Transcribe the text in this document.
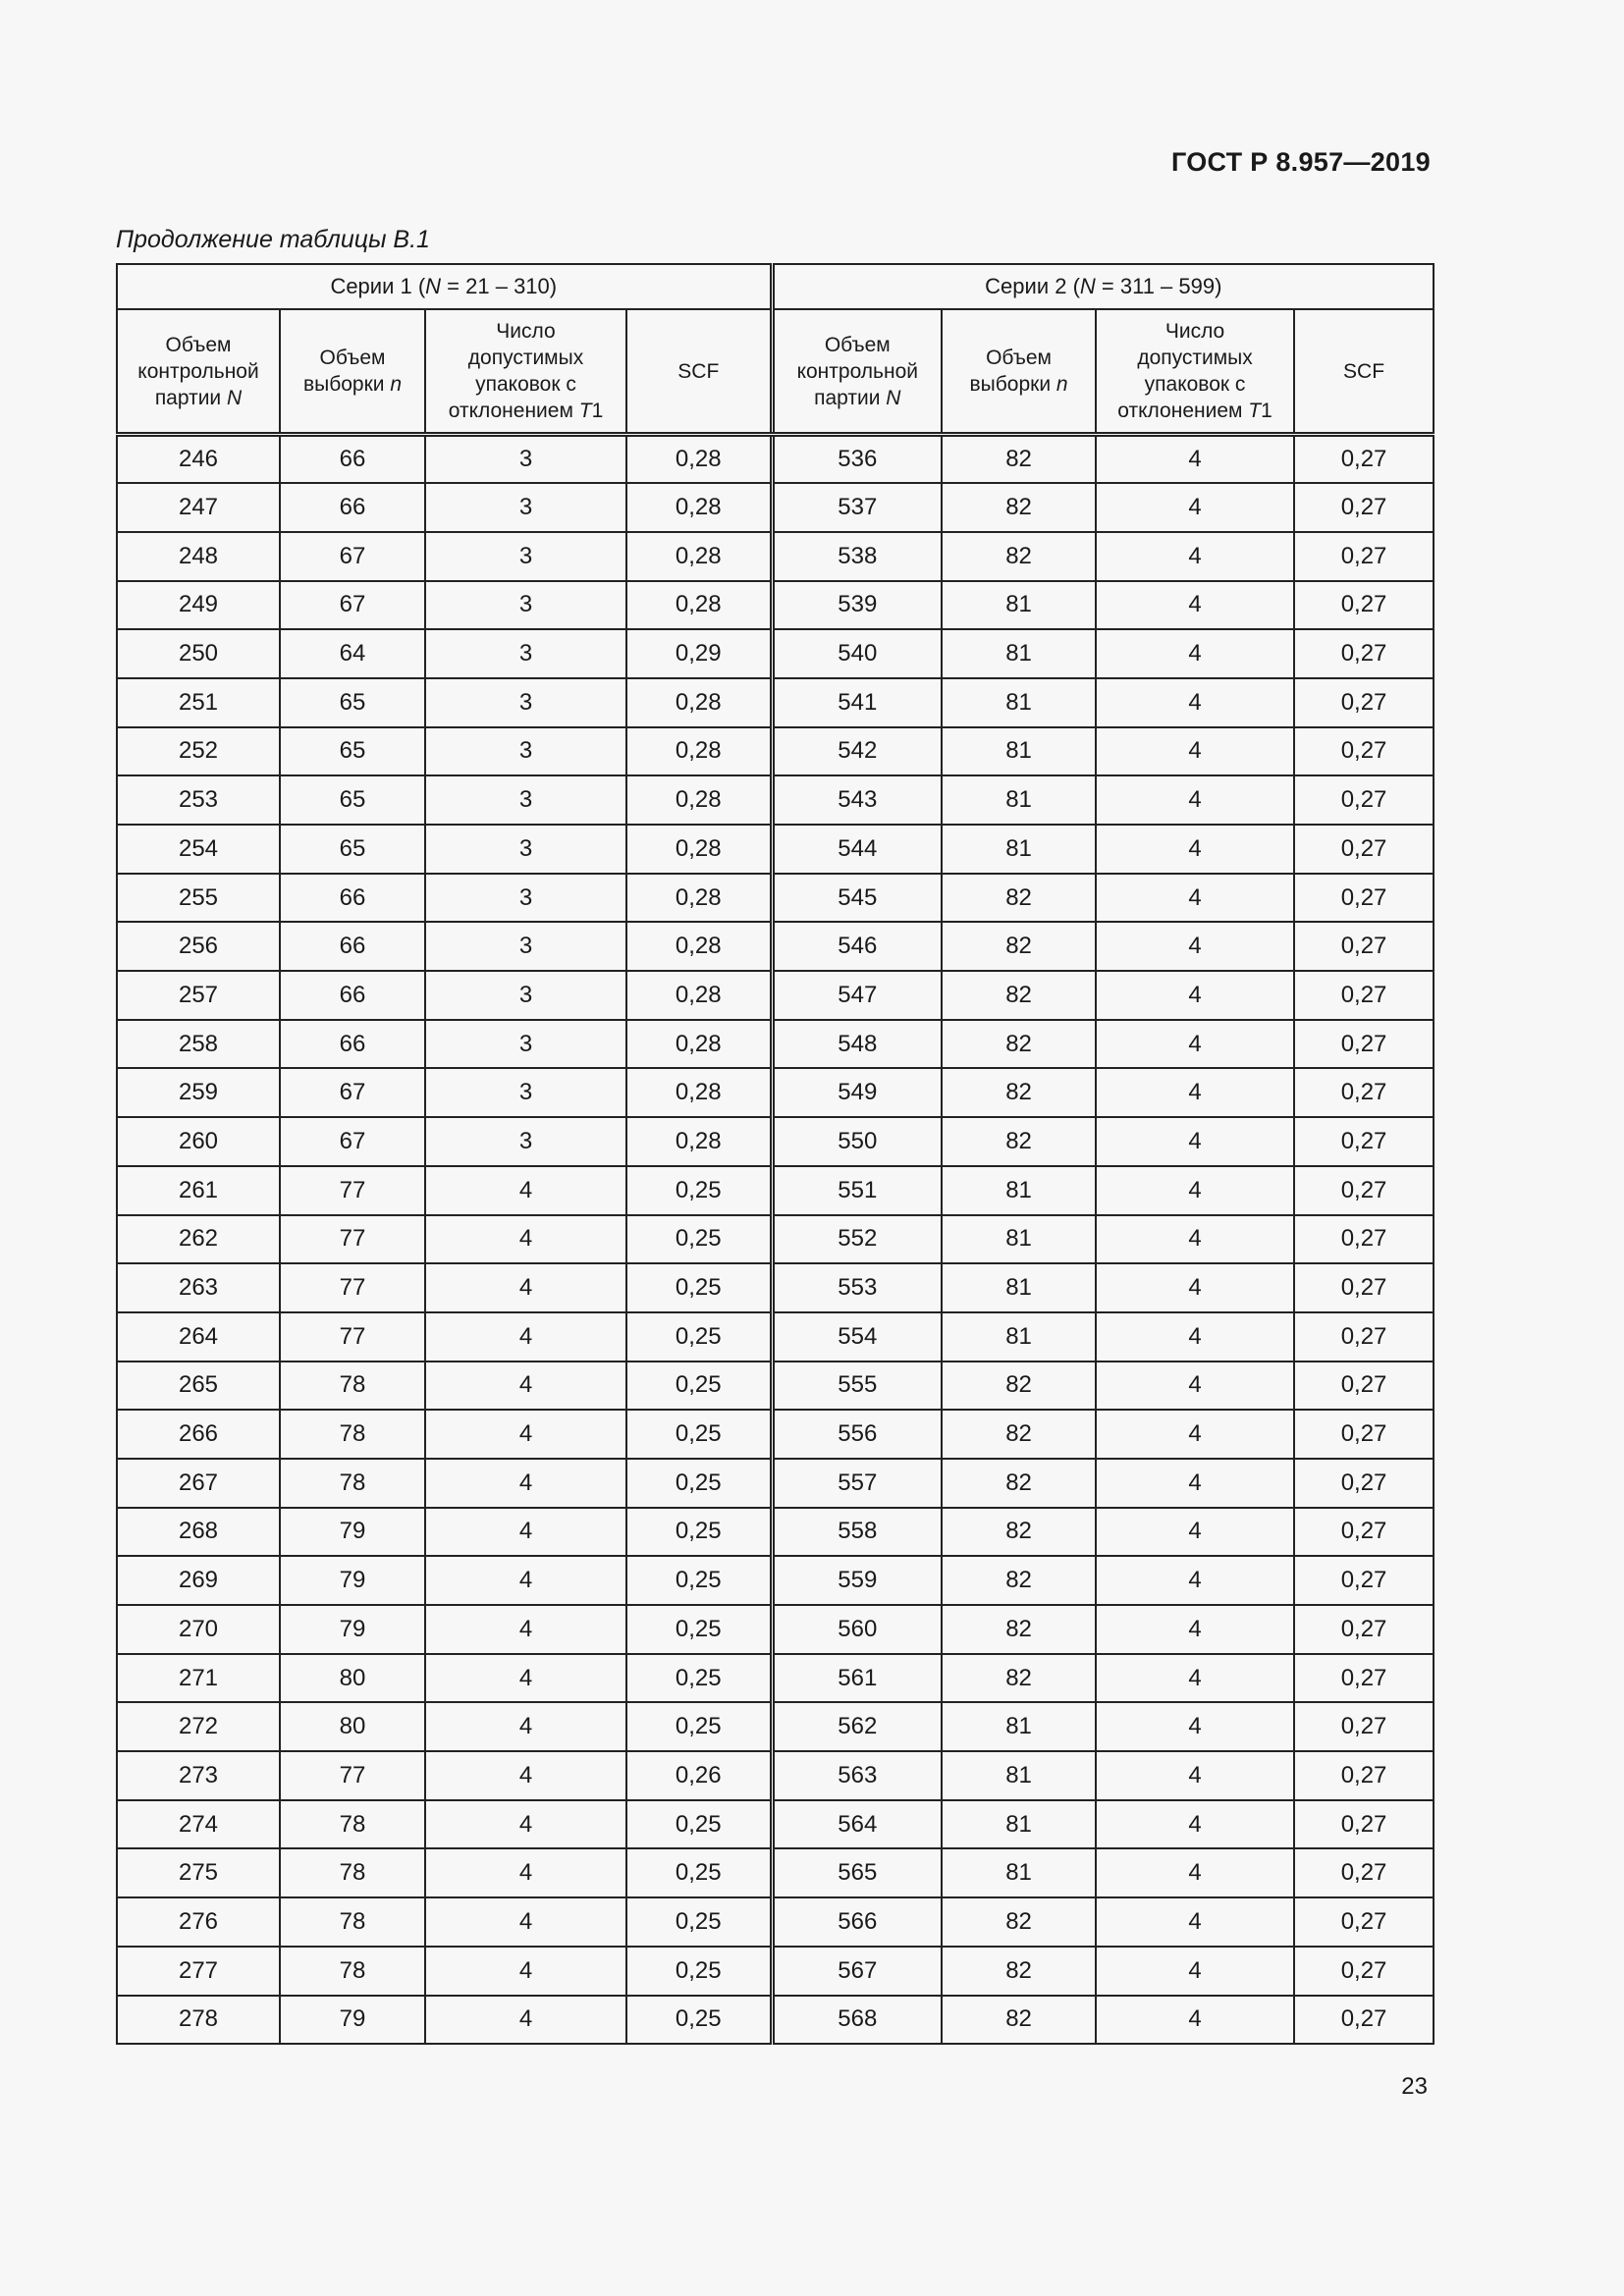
ГОСТ Р 8.957—2019
Продолжение таблицы В.1
Серии 1 (N = 21 – 310)				Серии 2 (N = 311 – 599)			
Объем
контрольной
партии N	Объем
выборки n	Число
допустимых
упаковок с
отклонением T1	SCF	Объем
контрольной
партии N	Объем
выборки n	Число
допустимых
упаковок с
отклонением T1	SCF
246	66	3	0,28	536	82	4	0,27
247	66	3	0,28	537	82	4	0,27
248	67	3	0,28	538	82	4	0,27
249	67	3	0,28	539	81	4	0,27
250	64	3	0,29	540	81	4	0,27
251	65	3	0,28	541	81	4	0,27
252	65	3	0,28	542	81	4	0,27
253	65	3	0,28	543	81	4	0,27
254	65	3	0,28	544	81	4	0,27
255	66	3	0,28	545	82	4	0,27
256	66	3	0,28	546	82	4	0,27
257	66	3	0,28	547	82	4	0,27
258	66	3	0,28	548	82	4	0,27
259	67	3	0,28	549	82	4	0,27
260	67	3	0,28	550	82	4	0,27
261	77	4	0,25	551	81	4	0,27
262	77	4	0,25	552	81	4	0,27
263	77	4	0,25	553	81	4	0,27
264	77	4	0,25	554	81	4	0,27
265	78	4	0,25	555	82	4	0,27
266	78	4	0,25	556	82	4	0,27
267	78	4	0,25	557	82	4	0,27
268	79	4	0,25	558	82	4	0,27
269	79	4	0,25	559	82	4	0,27
270	79	4	0,25	560	82	4	0,27
271	80	4	0,25	561	82	4	0,27
272	80	4	0,25	562	81	4	0,27
273	77	4	0,26	563	81	4	0,27
274	78	4	0,25	564	81	4	0,27
275	78	4	0,25	565	81	4	0,27
276	78	4	0,25	566	82	4	0,27
277	78	4	0,25	567	82	4	0,27
278	79	4	0,25	568	82	4	0,27
23
